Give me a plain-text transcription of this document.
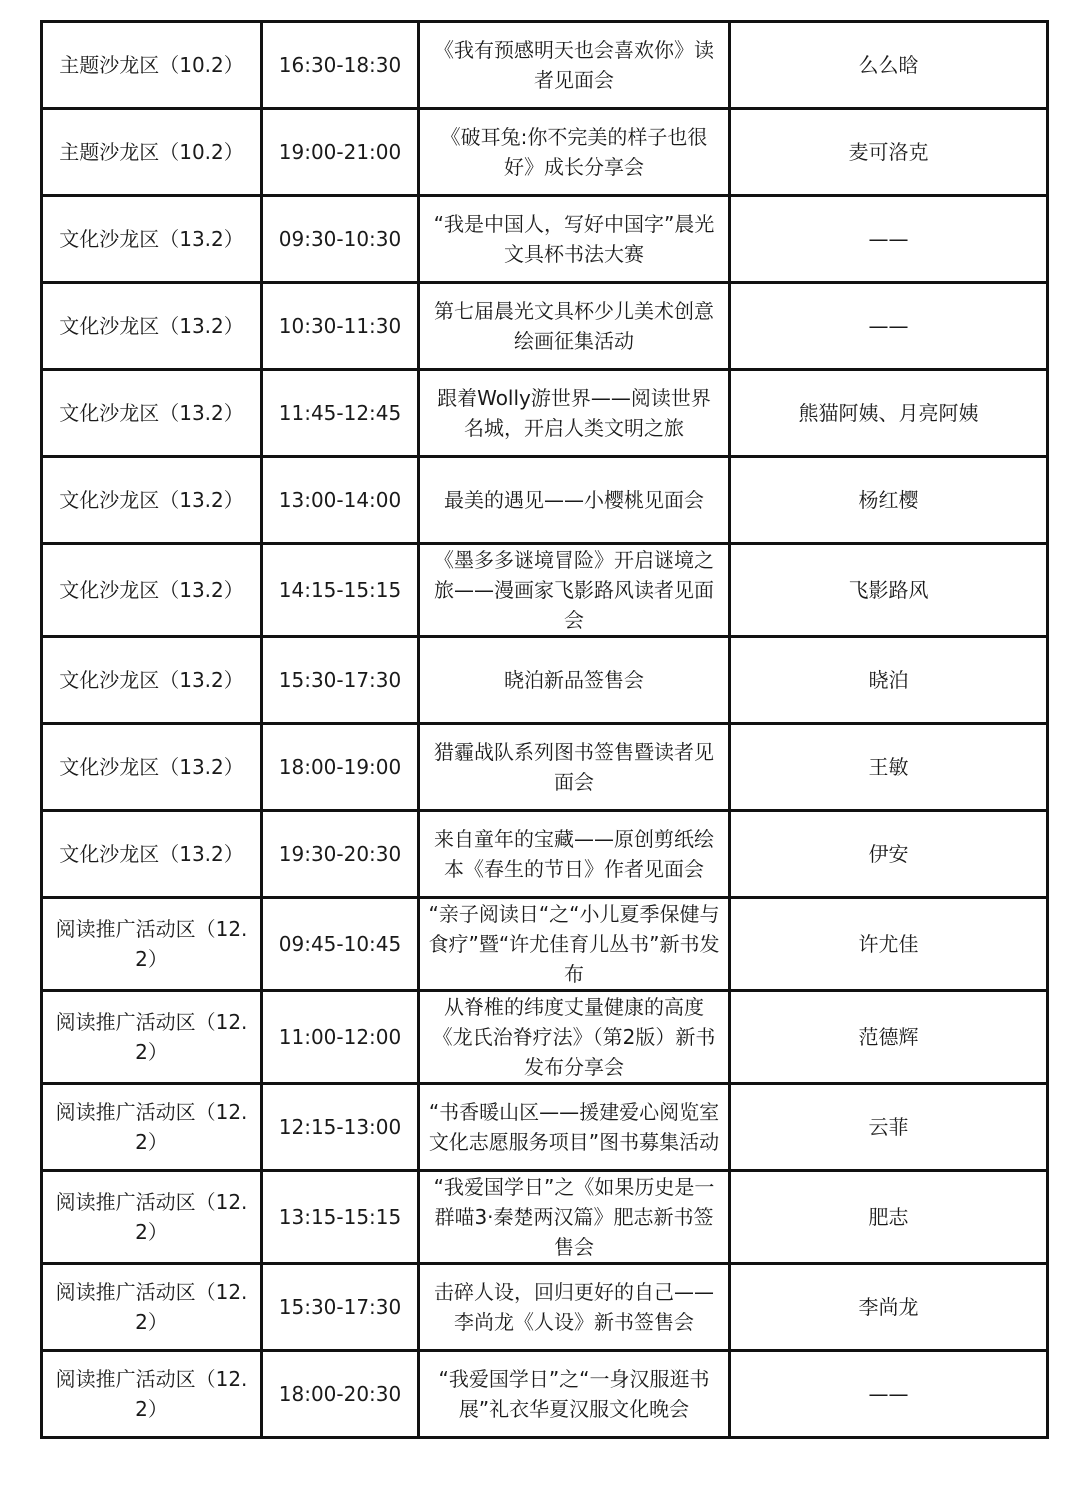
主题沙龙区（10.2）	16:30-18:30	《我有预感明天也会喜欢你》读者见面会	么么晗
主题沙龙区（10.2）	19:00-21:00	《破耳兔:你不完美的样子也很好》成长分享会	麦可洛克
文化沙龙区（13.2）	09:30-10:30	“我是中国人，写好中国字”晨光文具杯书法大赛	——
文化沙龙区（13.2）	10:30-11:30	第七届晨光文具杯少儿美术创意绘画征集活动	——
文化沙龙区（13.2）	11:45-12:45	跟着Wolly游世界——阅读世界名城，开启人类文明之旅	熊猫阿姨、月亮阿姨
文化沙龙区（13.2）	13:00-14:00	最美的遇见——小樱桃见面会	杨红樱
文化沙龙区（13.2）	14:15-15:15	《墨多多谜境冒险》开启谜境之旅——漫画家飞影路风读者见面会	飞影路风
文化沙龙区（13.2）	15:30-17:30	晓泊新品签售会	晓泊
文化沙龙区（13.2）	18:00-19:00	猎霾战队系列图书签售暨读者见面会	王敏
文化沙龙区（13.2）	19:30-20:30	来自童年的宝藏——原创剪纸绘本《春生的节日》作者见面会	伊安
阅读推广活动区（12.2）	09:45-10:45	“亲子阅读日“之“小儿夏季保健与食疗”暨“许尤佳育儿丛书”新书发布	许尤佳
阅读推广活动区（12.2）	11:00-12:00	从脊椎的纬度丈量健康的高度《龙氏治脊疗法》（第2版）新书发布分享会	范德辉
阅读推广活动区（12.2）	12:15-13:00	“书香暖山区——援建爱心阅览室文化志愿服务项目”图书募集活动	云菲
阅读推广活动区（12.2）	13:15-15:15	“我爱国学日”之《如果历史是一群喵3·秦楚两汉篇》肥志新书签售会	肥志
阅读推广活动区（12.2）	15:30-17:30	击碎人设，回归更好的自己——李尚龙《人设》新书签售会	李尚龙
阅读推广活动区（12.2）	18:00-20:30	“我爱国学日”之“一身汉服逛书展”礼衣华夏汉服文化晚会	——
